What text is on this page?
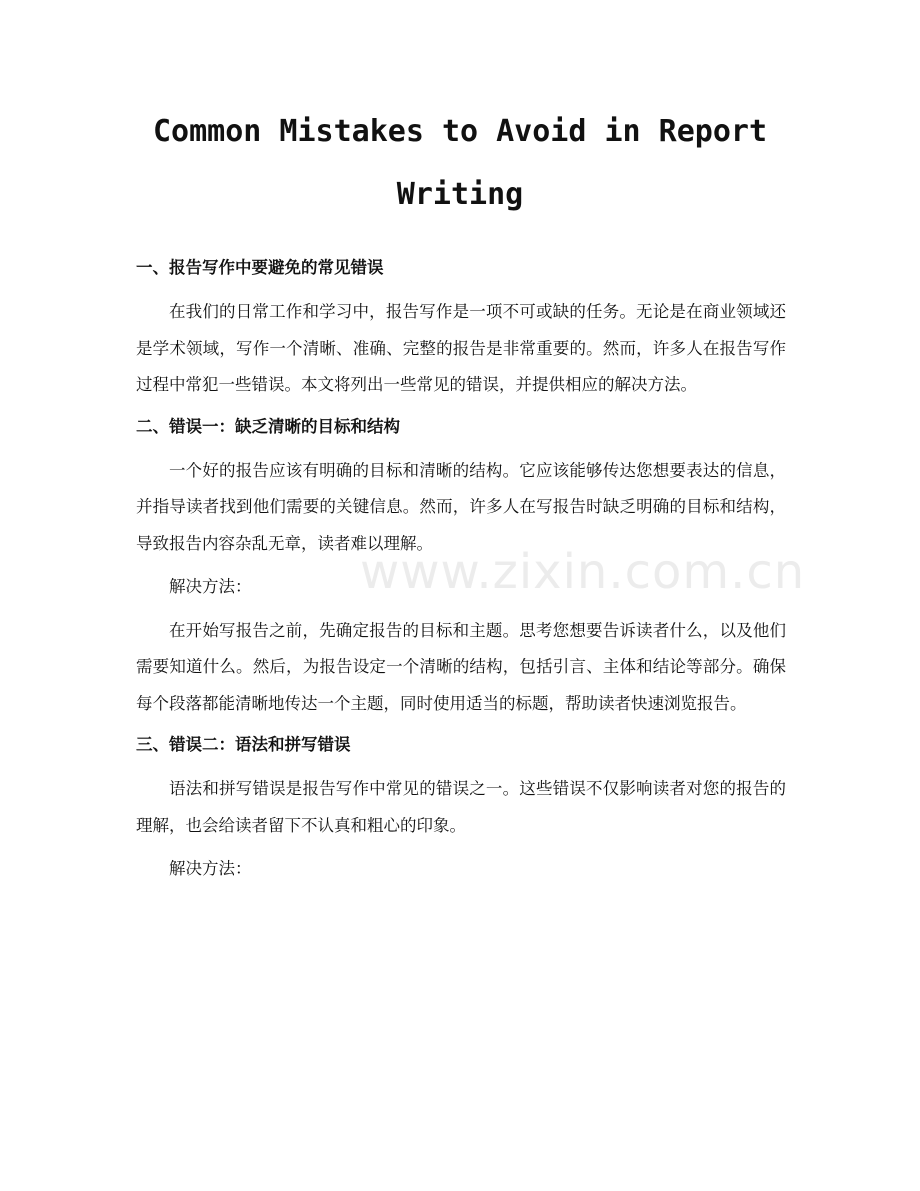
www.zixin.com.cn
Common Mistakes to Avoid in Report Writing
一、报告写作中要避免的常见错误

在我们的日常工作和学习中，报告写作是一项不可或缺的任务。无论是在商业领域还是学术领域，写作一个清晰、准确、完整的报告是非常重要的。然而，许多人在报告写作过程中常犯一些错误。本文将列出一些常见的错误，并提供相应的解决方法。

二、错误一：缺乏清晰的目标和结构

一个好的报告应该有明确的目标和清晰的结构。它应该能够传达您想要表达的信息，并指导读者找到他们需要的关键信息。然而，许多人在写报告时缺乏明确的目标和结构，导致报告内容杂乱无章，读者难以理解。

解决方法：

在开始写报告之前，先确定报告的目标和主题。思考您想要告诉读者什么，以及他们需要知道什么。然后，为报告设定一个清晰的结构，包括引言、主体和结论等部分。确保每个段落都能清晰地传达一个主题，同时使用适当的标题，帮助读者快速浏览报告。

三、错误二：语法和拼写错误

语法和拼写错误是报告写作中常见的错误之一。这些错误不仅影响读者对您的报告的理解，也会给读者留下不认真和粗心的印象。

解决方法：
